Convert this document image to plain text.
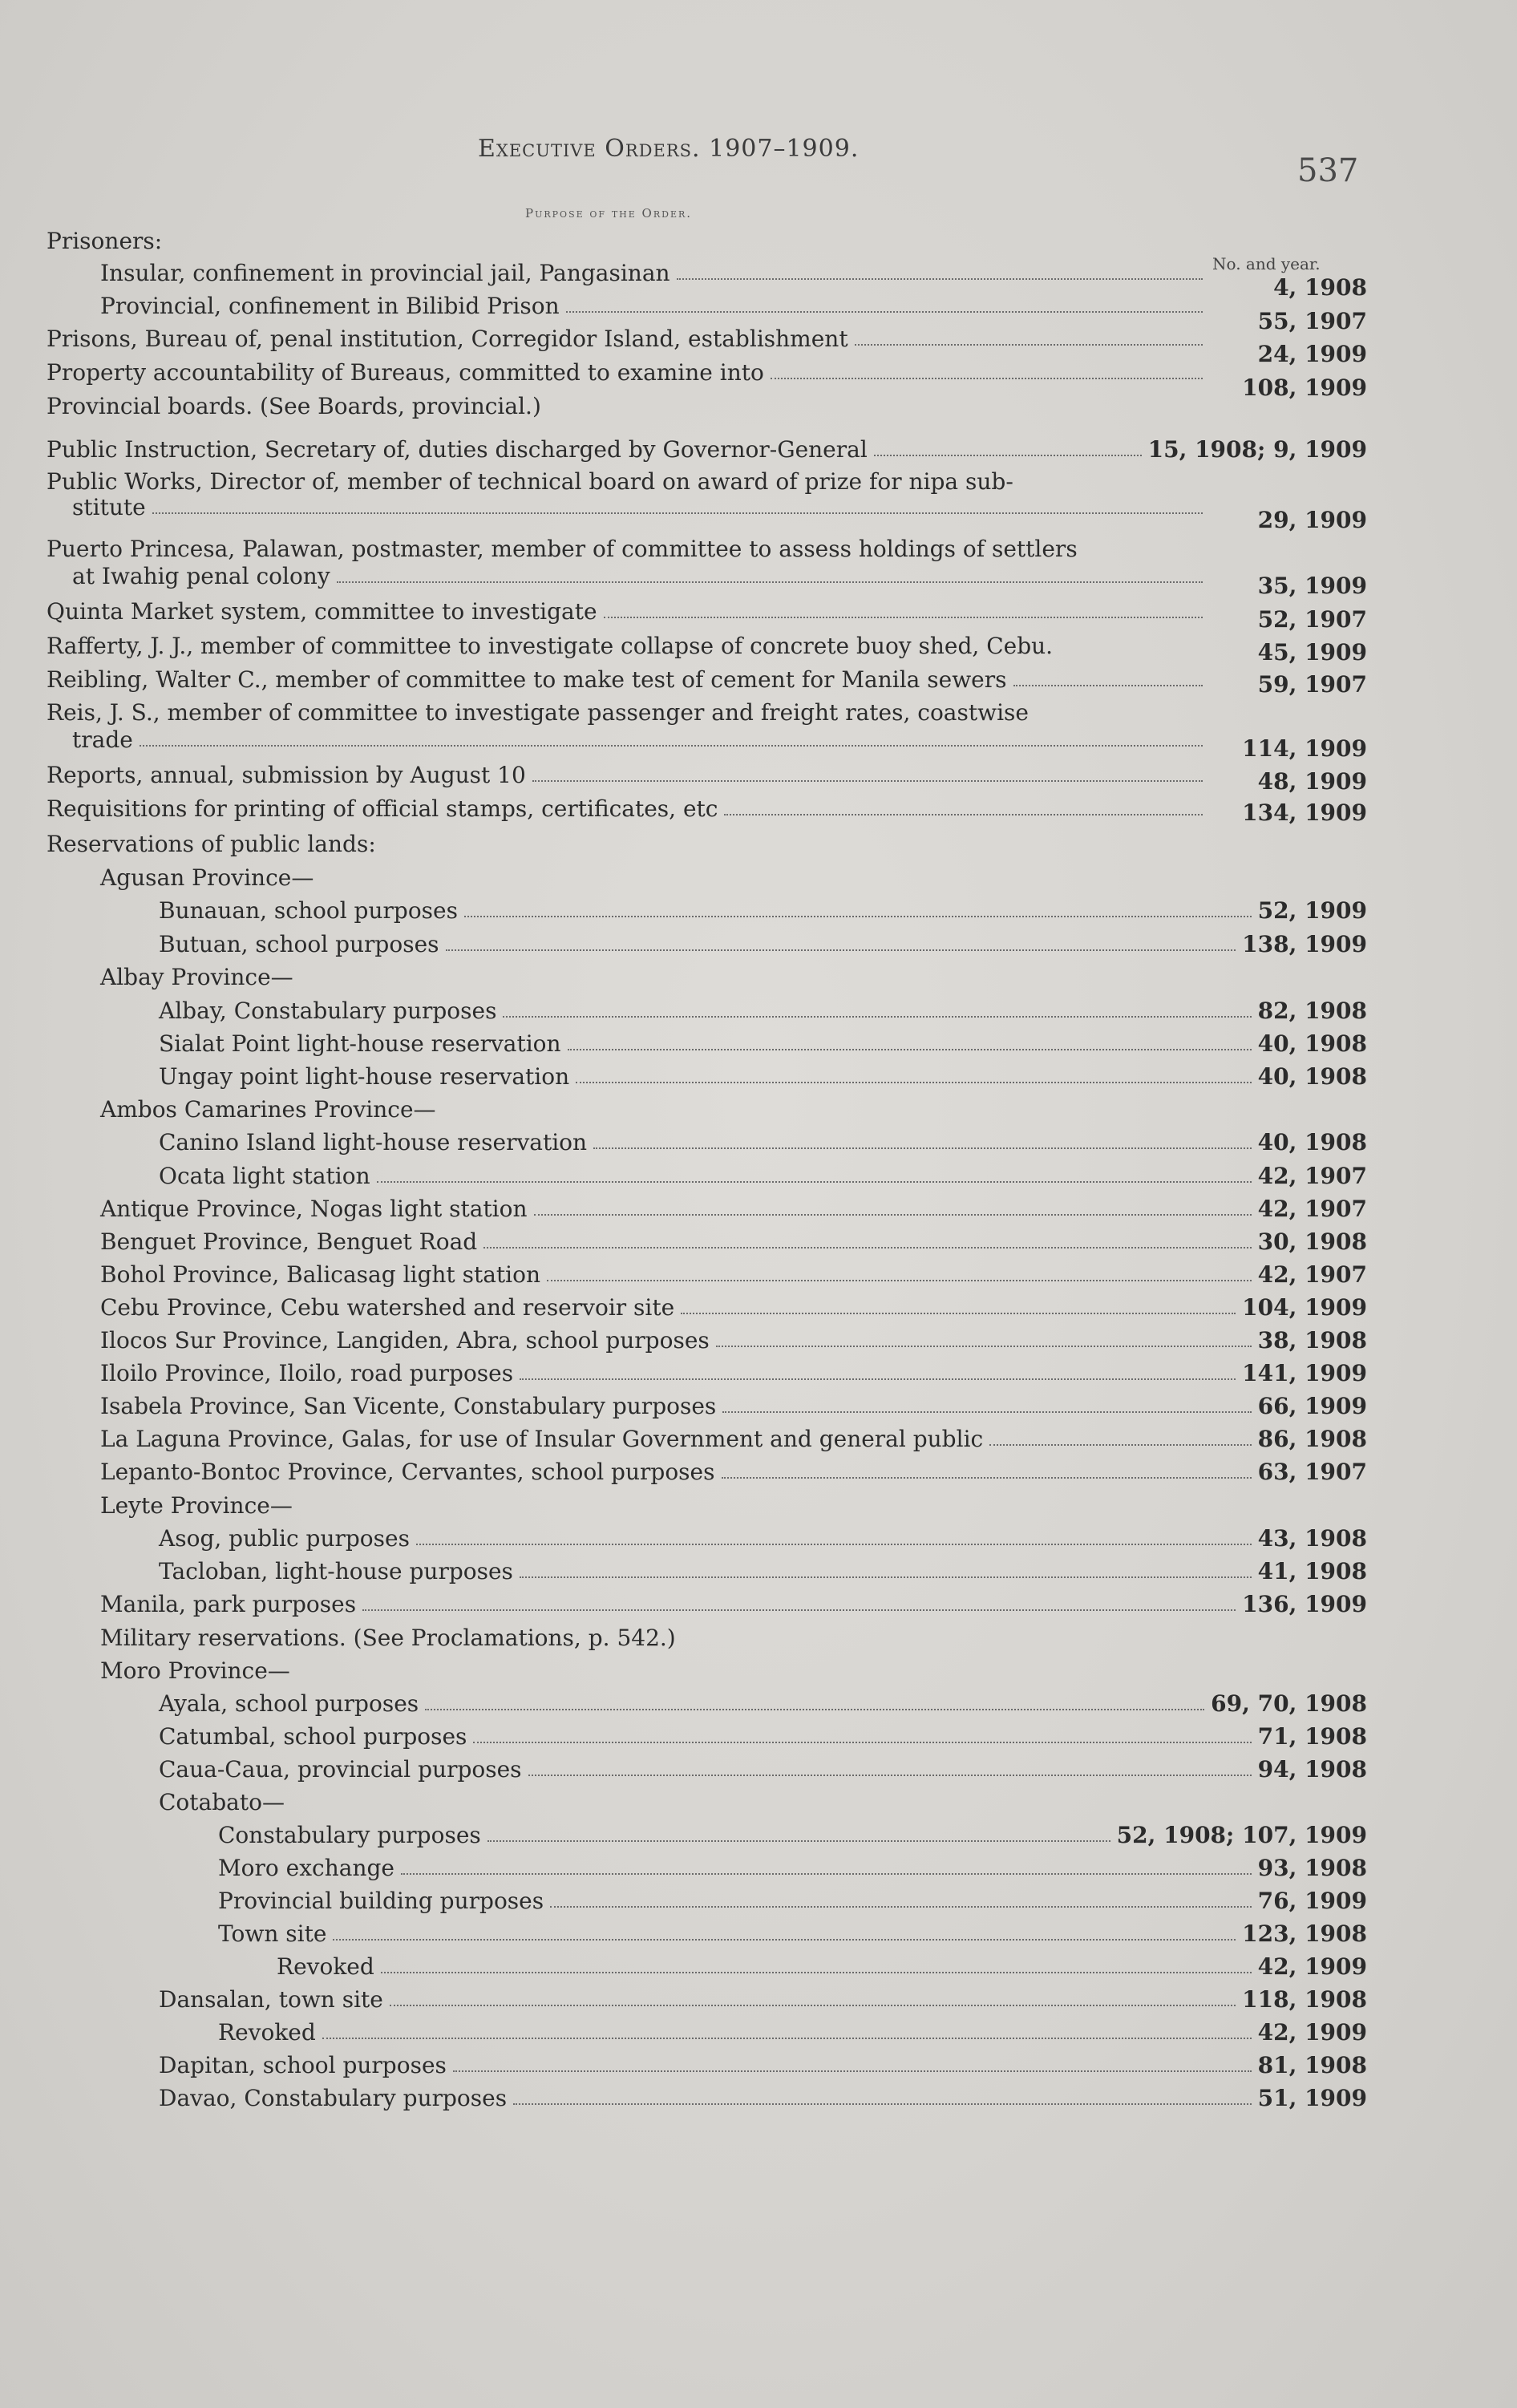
Executive Orders. 1907–1909.
537
Purpose of the Order.
No. and year.
Prisoners:
Insular, confinement in provincial jail, Pangasinan
4, 1908
Provincial, confinement in Bilibid Prison
55, 1907
Prisons, Bureau of, penal institution, Corregidor Island, establishment
24, 1909
Property accountability of Bureaus, committed to examine into
108, 1909
Provincial boards. (See Boards, provincial.)
Public Instruction, Secretary of, duties discharged by Governor-General	15, 1908; 9, 1909
Public Works, Director of, member of technical board on award of prize for nipa sub-
stitute	29, 1909
Puerto Princesa, Palawan, postmaster, member of committee to assess holdings of settlers
at Iwahig penal colony	35, 1909
Quinta Market system, committee to investigate	52, 1907
Rafferty, J. J., member of committee to investigate collapse of concrete buoy shed, Cebu.	45, 1909
Reibling, Walter C., member of committee to make test of cement for Manila sewers	59, 1907
Reis, J. S., member of committee to investigate passenger and freight rates, coastwise
trade	114, 1909
Reports, annual, submission by August 10	48, 1909
Requisitions for printing of official stamps, certificates, etc	134, 1909
Reservations of public lands:
Agusan Province—
Bunauan, school purposes	52, 1909
Butuan, school purposes	138, 1909
Albay Province—
Albay, Constabulary purposes	82, 1908
Sialat Point light-house reservation	40, 1908
Ungay point light-house reservation	40, 1908
Ambos Camarines Province—
Canino Island light-house reservation	40, 1908
Ocata light station	42, 1907
Antique Province, Nogas light station	42, 1907
Benguet Province, Benguet Road	30, 1908
Bohol Province, Balicasag light station	42, 1907
Cebu Province, Cebu watershed and reservoir site	104, 1909
Ilocos Sur Province, Langiden, Abra, school purposes	38, 1908
Iloilo Province, Iloilo, road purposes	141, 1909
Isabela Province, San Vicente, Constabulary purposes	66, 1909
La Laguna Province, Galas, for use of Insular Government and general public	86, 1908
Lepanto-Bontoc Province, Cervantes, school purposes	63, 1907
Leyte Province—
Asog, public purposes	43, 1908
Tacloban, light-house purposes	41, 1908
Manila, park purposes	136, 1909
Military reservations. (See Proclamations, p. 542.)
Moro Province—
Ayala, school purposes	69, 70, 1908
Catumbal, school purposes	71, 1908
Caua-Caua, provincial purposes	94, 1908
Cotabato—
Constabulary purposes	52, 1908; 107, 1909
Moro exchange	93, 1908
Provincial building purposes	76, 1909
Town site	123, 1908
Revoked	42, 1909
Dansalan, town site	118, 1908
Revoked	42, 1909
Dapitan, school purposes	81, 1908
Davao, Constabulary purposes	51, 1909
